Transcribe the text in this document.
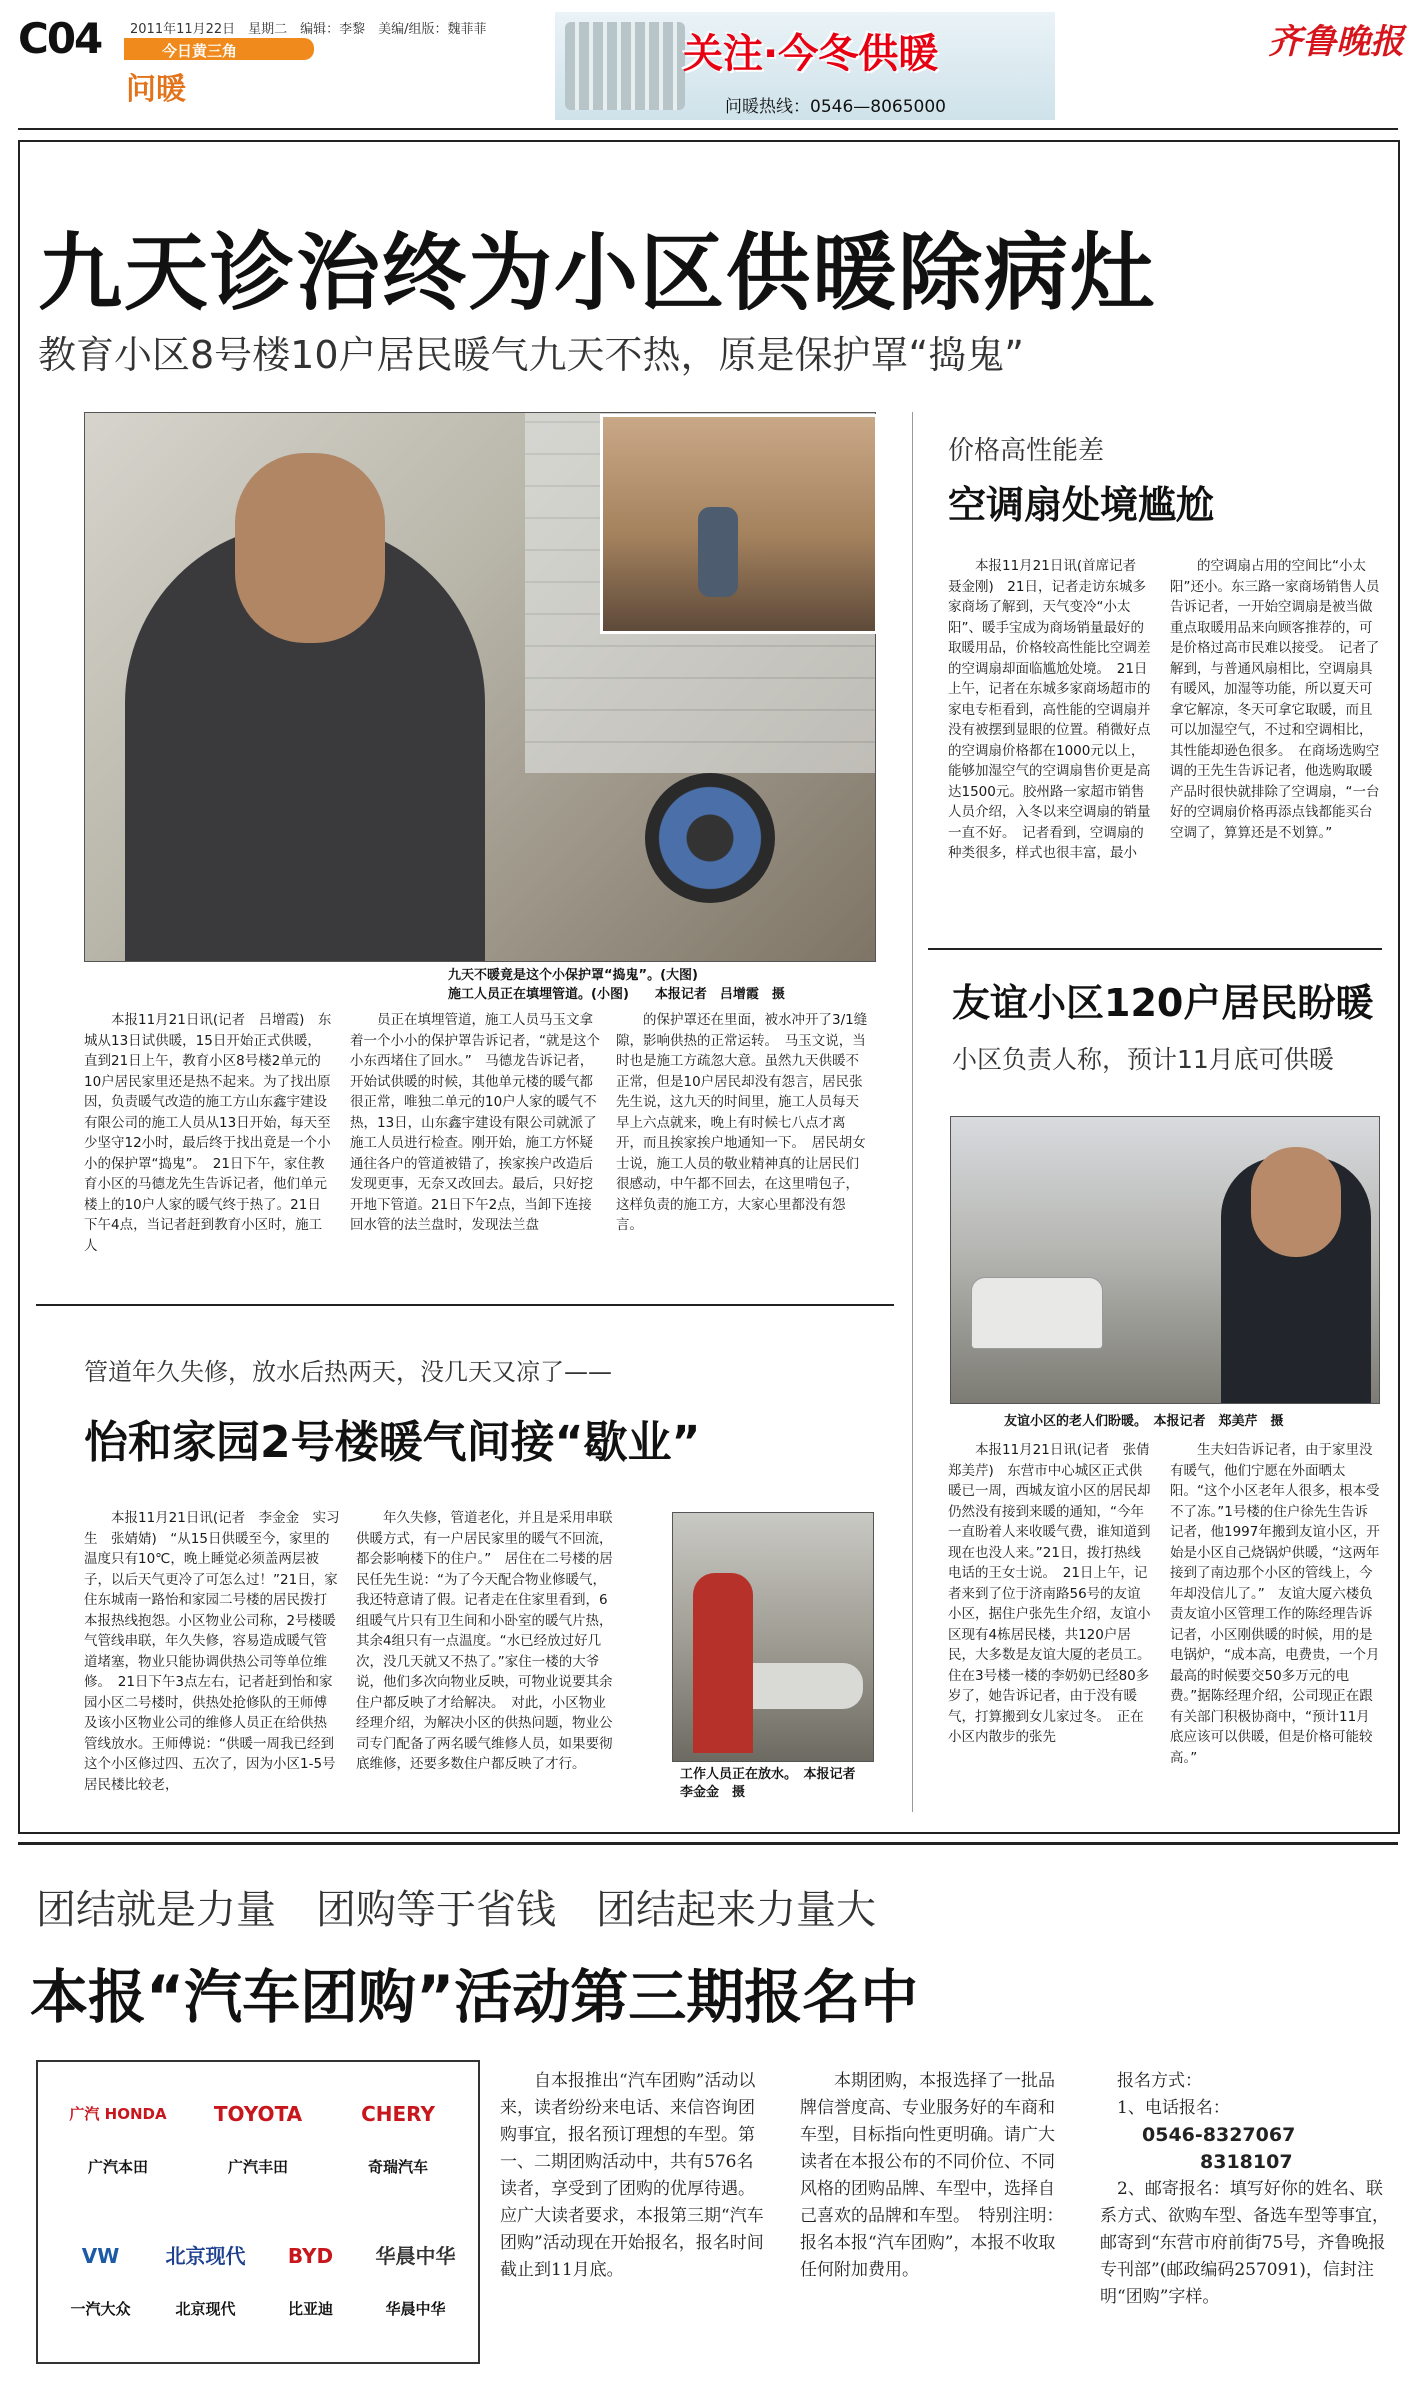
C04 2011年11月22日　星期二　编辑：李黎　美编/组版：魏菲菲
今日黄三角
问暖
关注·今冬供暖
问暖热线：0546—8065000
齐鲁晚报
九天诊治终为小区供暖除病灶
教育小区8号楼10户居民暖气九天不热，原是保护罩“捣鬼”
九天不暖竟是这个小保护罩“捣鬼”。(大图)
施工人员正在填埋管道。(小图)　　本报记者　吕增霞　摄

本报11月21日讯(记者　吕增霞)　东城从13日试供暖，15日开始正式供暖，直到21日上午，教育小区8号楼2单元的10户居民家里还是热不起来。为了找出原因，负责暖气改造的施工方山东鑫宇建设有限公司的施工人员从13日开始，每天至少坚守12小时，最后终于找出竟是一个小小的保护罩“捣鬼”。　21日下午，家住教育小区的马德龙先生告诉记者，他们单元楼上的10户人家的暖气终于热了。21日下午4点，当记者赶到教育小区时，施工人

员正在填埋管道，施工人员马玉文拿着一个小小的保护罩告诉记者，“就是这个小东西堵住了回水。”　马德龙告诉记者，开始试供暖的时候，其他单元楼的暖气都很正常，唯独二单元的10户人家的暖气不热，13日，山东鑫宇建设有限公司就派了施工人员进行检查。刚开始，施工方怀疑通往各户的管道被错了，挨家挨户改造后发现更事，无奈又改回去。最后，只好挖开地下管道。21日下午2点，当卸下连接回水管的法兰盘时，发现法兰盘

的保护罩还在里面，被水冲开了3/1缝隙，影响供热的正常运转。　马玉文说，当时也是施工方疏忽大意。虽然九天供暖不正常，但是10户居民却没有怨言，居民张先生说，这九天的时间里，施工人员每天早上六点就来，晚上有时候七八点才离开，而且挨家挨户地通知一下。　居民胡女士说，施工人员的敬业精神真的让居民们很感动，中午都不回去，在这里啃包子，这样负责的施工方，大家心里都没有怨言。

价格高性能差
空调扇处境尴尬

本报11月21日讯(首席记者　聂金刚)　21日，记者走访东城多家商场了解到，天气变冷“小太阳”、暖手宝成为商场销量最好的取暖用品，价格较高性能比空调差的空调扇却面临尴尬处境。　21日上午，记者在东城多家商场超市的家电专柜看到，高性能的空调扇并没有被摆到显眼的位置。稍微好点的空调扇价格都在1000元以上，能够加湿空气的空调扇售价更是高达1500元。胶州路一家超市销售人员介绍，入冬以来空调扇的销量一直不好。　记者看到，空调扇的种类很多，样式也很丰富，最小

的空调扇占用的空间比“小太阳”还小。东三路一家商场销售人员告诉记者，一开始空调扇是被当做重点取暖用品来向顾客推荐的，可是价格过高市民难以接受。　记者了解到，与普通风扇相比，空调扇具有暖风，加湿等功能，所以夏天可拿它解凉，冬天可拿它取暖，而且可以加湿空气，不过和空调相比，其性能却逊色很多。　在商场选购空调的王先生告诉记者，他选购取暖产品时很快就排除了空调扇，“一台好的空调扇价格再添点钱都能买台空调了，算算还是不划算。”

友谊小区120户居民盼暖
小区负责人称，预计11月底可供暖
友谊小区的老人们盼暖。　本报记者　郑美芹　摄

本报11月21日讯(记者　张倩　郑美芹)　东营市中心城区正式供暖已一周，西城友谊小区的居民却仍然没有接到来暖的通知，“今年一直盼着人来收暖气费，谁知道到现在也没人来。”21日，拨打热线电话的王女士说。　21日上午，记者来到了位于济南路56号的友谊小区，据住户张先生介绍，友谊小区现有4栋居民楼，共120户居民，大多数是友谊大厦的老员工。住在3号楼一楼的李奶奶已经80多岁了，她告诉记者，由于没有暖气，打算搬到女儿家过冬。　正在小区内散步的张先

生夫妇告诉记者，由于家里没有暖气，他们宁愿在外面晒太阳。“这个小区老年人很多，根本受不了冻。”1号楼的住户徐先生告诉记者，他1997年搬到友谊小区，开始是小区自己烧锅炉供暖，“这两年接到了南边那个小区的管线上，今年却没信儿了。”　友谊大厦六楼负责友谊小区管理工作的陈经理告诉记者，小区刚供暖的时候，用的是电锅炉，“成本高，电费贵，一个月最高的时候要交50多万元的电费。”据陈经理介绍，公司现正在跟有关部门积极协商中，“预计11月底应该可以供暖，但是价格可能较高。”

管道年久失修，放水后热两天，没几天又凉了——
怡和家园2号楼暖气间接“歇业”

本报11月21日讯(记者　李金金　实习生　张婧婧)　“从15日供暖至今，家里的温度只有10℃，晚上睡觉必须盖两层被子，以后天气更冷了可怎么过！”21日，家住东城南一路怡和家园二号楼的居民拨打本报热线抱怨。小区物业公司称，2号楼暖气管线串联，年久失修，容易造成暖气管道堵塞，物业只能协调供热公司等单位维修。　21日下午3点左右，记者赶到怡和家园小区二号楼时，供热处抢修队的王师傅及该小区物业公司的维修人员正在给供热管线放水。王师傅说：“供暖一周我已经到这个小区修过四、五次了，因为小区1-5号居民楼比较老，

年久失修，管道老化，并且是采用串联供暖方式，有一户居民家里的暖气不回流，都会影响楼下的住户。”　居住在二号楼的居民任先生说：“为了今天配合物业修暖气，我还特意请了假。记者走在住家里看到，6组暖气片只有卫生间和小卧室的暖气片热，其余4组只有一点温度。“水已经放过好几次，没几天就又不热了。”家住一楼的大爷说，他们多次向物业反映，可物业说要其余住户都反映了才给解决。　对此，小区物业经理介绍，为解决小区的供热问题，物业公司专门配备了两名暖气维修人员，如果要彻底维修，还要多数住户都反映了才行。

工作人员正在放水。　本报记者　李金金　摄
团结就是力量　团购等于省钱　团结起来力量大
本报“汽车团购”活动第三期报名中
广汽 HONDA
广汽本田
TOYOTA
广汽丰田
CHERY
奇瑞汽车
VW
一汽大众
北京现代
北京现代
BYD
比亚迪
华晨中华
华晨中华
自本报推出“汽车团购”活动以来，读者纷纷来电话、来信咨询团购事宜，报名预订理想的车型。第一、二期团购活动中，共有576名读者，享受到了团购的优厚待遇。　应广大读者要求，本报第三期“汽车团购”活动现在开始报名，报名时间截止到11月底。
本期团购，本报选择了一批品牌信誉度高、专业服务好的车商和车型，目标指向性更明确。请广大读者在本报公布的不同价位、不同风格的团购品牌、车型中，选择自己喜欢的品牌和车型。　特别注明：报名本报“汽车团购”，本报不收取任何附加费用。
报名方式：
1、电话报名：
0546-8327067
8318107
2、邮寄报名：填写好你的姓名、联系方式、欲购车型、备选车型等事宜，邮寄到“东营市府前街75号，齐鲁晚报专刊部”(邮政编码257091)，信封注明“团购”字样。
